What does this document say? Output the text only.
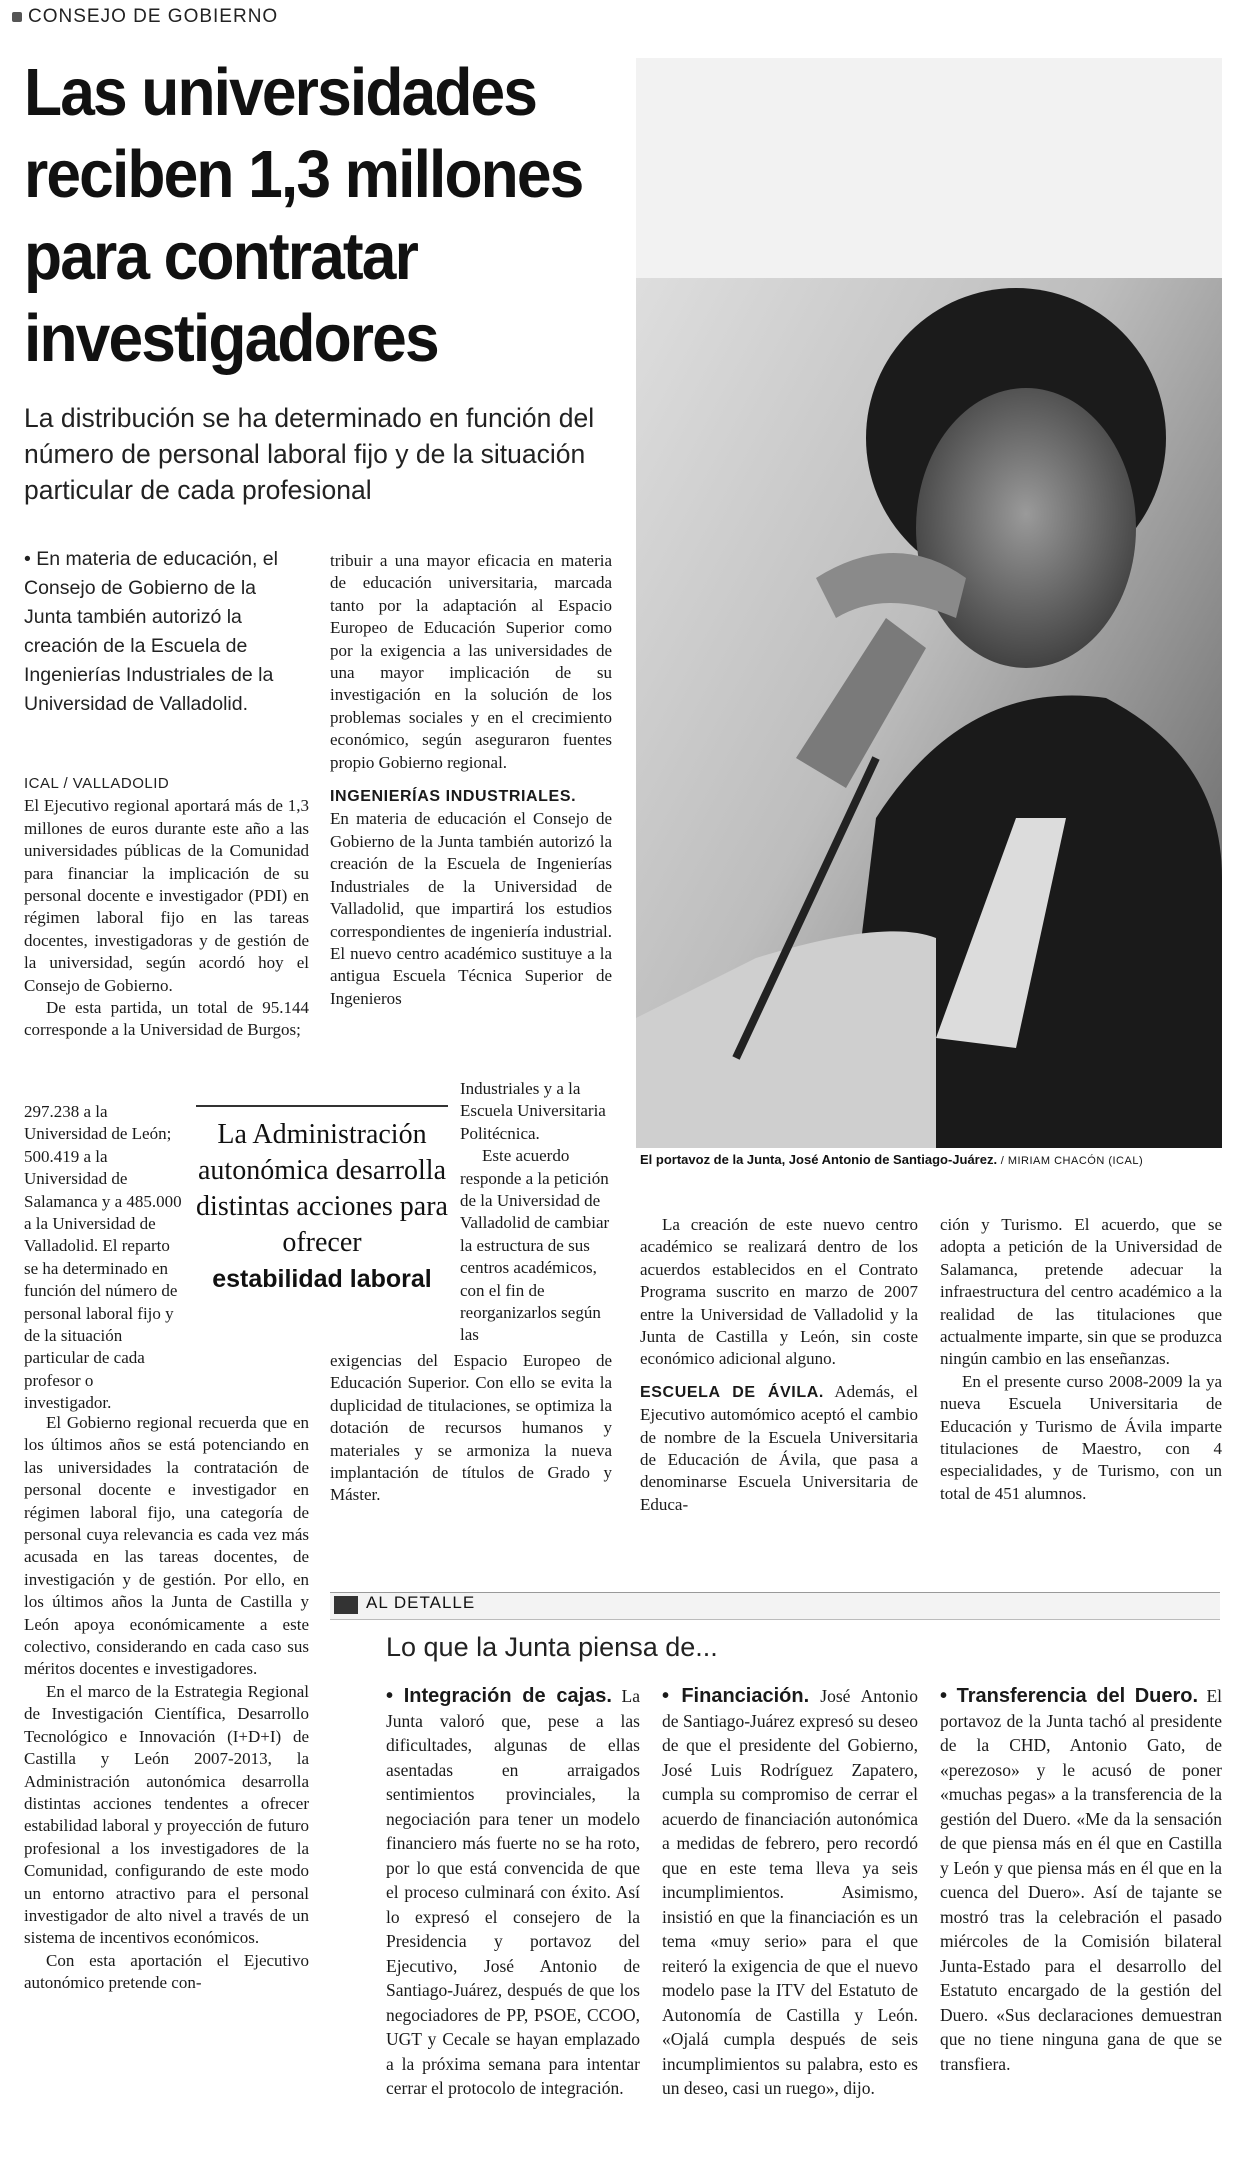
CONSEJO DE GOBIERNO
Las universidades reciben 1,3 millones para contratar investigadores
La distribución se ha determinado en función del número de personal laboral fijo y de la situación particular de cada profesional
• En materia de educación, el Consejo de Gobierno de la Junta también autorizó la creación de la Escuela de Ingenierías Industriales de la Universidad de Valladolid.
ICAL / VALLADOLID

El Ejecutivo regional aportará más de 1,3 millones de euros durante este año a las universidades públicas de la Comunidad para financiar la implicación de su personal docente e investigador (PDI) en régimen laboral fijo en las tareas docentes, investigadoras y de gestión de la universidad, según acordó hoy el Consejo de Gobierno.

De esta partida, un total de 95.144 corresponde a la Universidad de Burgos;

297.238 a la Universidad de León; 500.419 a la Universidad de Salamanca y a 485.000 a la Universidad de Valladolid. El reparto se ha determinado en función del número de personal laboral fijo y de la situación particular de cada profesor o investigador.

El Gobierno regional recuerda que en los últimos años se está potenciando en las universidades la contratación de personal docente e investigador en régimen laboral fijo, una categoría de personal cuya relevancia es cada vez más acusada en las tareas docentes, de investigación y de gestión. Por ello, en los últimos años la Junta de Castilla y León apoya económicamente a este colectivo, considerando en cada caso sus méritos docentes e investigadores.

En el marco de la Estrategia Regional de Investigación Científica, Desarrollo Tecnológico e Innovación (I+D+I) de Castilla y León 2007-2013, la Administración autonómica desarrolla distintas acciones tendentes a ofrecer estabilidad laboral y proyección de futuro profesional a los investigadores de la Comunidad, configurando de este modo un entorno atractivo para el personal investigador de alto nivel a través de un sistema de incentivos económicos.

Con esta aportación el Ejecutivo autonómico pretende con-

La Administración autonómica desarrolla distintas acciones para ofrecer
estabilidad laboral

tribuir a una mayor eficacia en materia de educación universitaria, marcada tanto por la adaptación al Espacio Europeo de Educación Superior como por la exigencia a las universidades de una mayor implicación de su investigación en la solución de los problemas sociales y en el crecimiento económico, según aseguraron fuentes propio Gobierno regional.

INGENIERÍAS INDUSTRIALES.

En materia de educación el Consejo de Gobierno de la Junta también autorizó la creación de la Escuela de Ingenierías Industriales de la Universidad de Valladolid, que impartirá los estudios correspondientes de ingeniería industrial. El nuevo centro académico sustituye a la antigua Escuela Técnica Superior de Ingenieros

Industriales y a la Escuela Universitaria Politécnica.

Este acuerdo responde a la petición de la Universidad de Valladolid de cambiar la estructura de sus centros académicos, con el fin de reorganizarlos según las

exigencias del Espacio Europeo de Educación Superior. Con ello se evita la duplicidad de titulaciones, se optimiza la dotación de recursos humanos y materiales y se armoniza la nueva implantación de títulos de Grado y Máster.

El portavoz de la Junta, José Antonio de Santiago-Juárez. / MIRIAM CHACÓN (ICAL)

La creación de este nuevo centro académico se realizará dentro de los acuerdos establecidos en el Contrato Programa suscrito en marzo de 2007 entre la Universidad de Valladolid y la Junta de Castilla y León, sin coste económico adicional alguno.

ESCUELA DE ÁVILA. Además, el Ejecutivo automómico aceptó el cambio de nombre de la Escuela Universitaria de Educación de Ávila, que pasa a denominarse Escuela Universitaria de Educa-

ción y Turismo. El acuerdo, que se adopta a petición de la Universidad de Salamanca, pretende adecuar la infraestructura del centro académico a la realidad de las titulaciones que actualmente imparte, sin que se produzca ningún cambio en las enseñanzas.

En el presente curso 2008-2009 la ya nueva Escuela Universitaria de Educación y Turismo de Ávila imparte titulaciones de Maestro, con 4 especialidades, y de Turismo, con un total de 451 alumnos.

AL DETALLE
Lo que la Junta piensa de...
• Integración de cajas. La Junta valoró que, pese a las dificultades, algunas de ellas asentadas en arraigados sentimientos provinciales, la negociación para tener un modelo financiero más fuerte no se ha roto, por lo que está convencida de que el proceso culminará con éxito. Así lo expresó el consejero de la Presidencia y portavoz del Ejecutivo, José Antonio de Santiago-Juárez, después de que los negociadores de PP, PSOE, CCOO, UGT y Cecale se hayan emplazado a la próxima semana para intentar cerrar el protocolo de integración.
• Financiación. José Antonio de Santiago-Juárez expresó su deseo de que el presidente del Gobierno, José Luis Rodríguez Zapatero, cumpla su compromiso de cerrar el acuerdo de financiación autonómica a medidas de febrero, pero recordó que en este tema lleva ya seis incumplimientos. Asimismo, insistió en que la financiación es un tema «muy serio» para el que reiteró la exigencia de que el nuevo modelo pase la ITV del Estatuto de Autonomía de Castilla y León. «Ojalá cumpla después de seis incumplimientos su palabra, esto es un deseo, casi un ruego», dijo.
• Transferencia del Duero. El portavoz de la Junta tachó al presidente de la CHD, Antonio Gato, de «perezoso» y le acusó de poner «muchas pegas» a la transferencia de la gestión del Duero. «Me da la sensación de que piensa más en él que en Castilla y León y que piensa más en él que en la cuenca del Duero». Así de tajante se mostró tras la celebración el pasado miércoles de la Comisión bilateral Junta-Estado para el desarrollo del Estatuto encargado de la gestión del Duero. «Sus declaraciones demuestran que no tiene ninguna gana de que se transfiera.
